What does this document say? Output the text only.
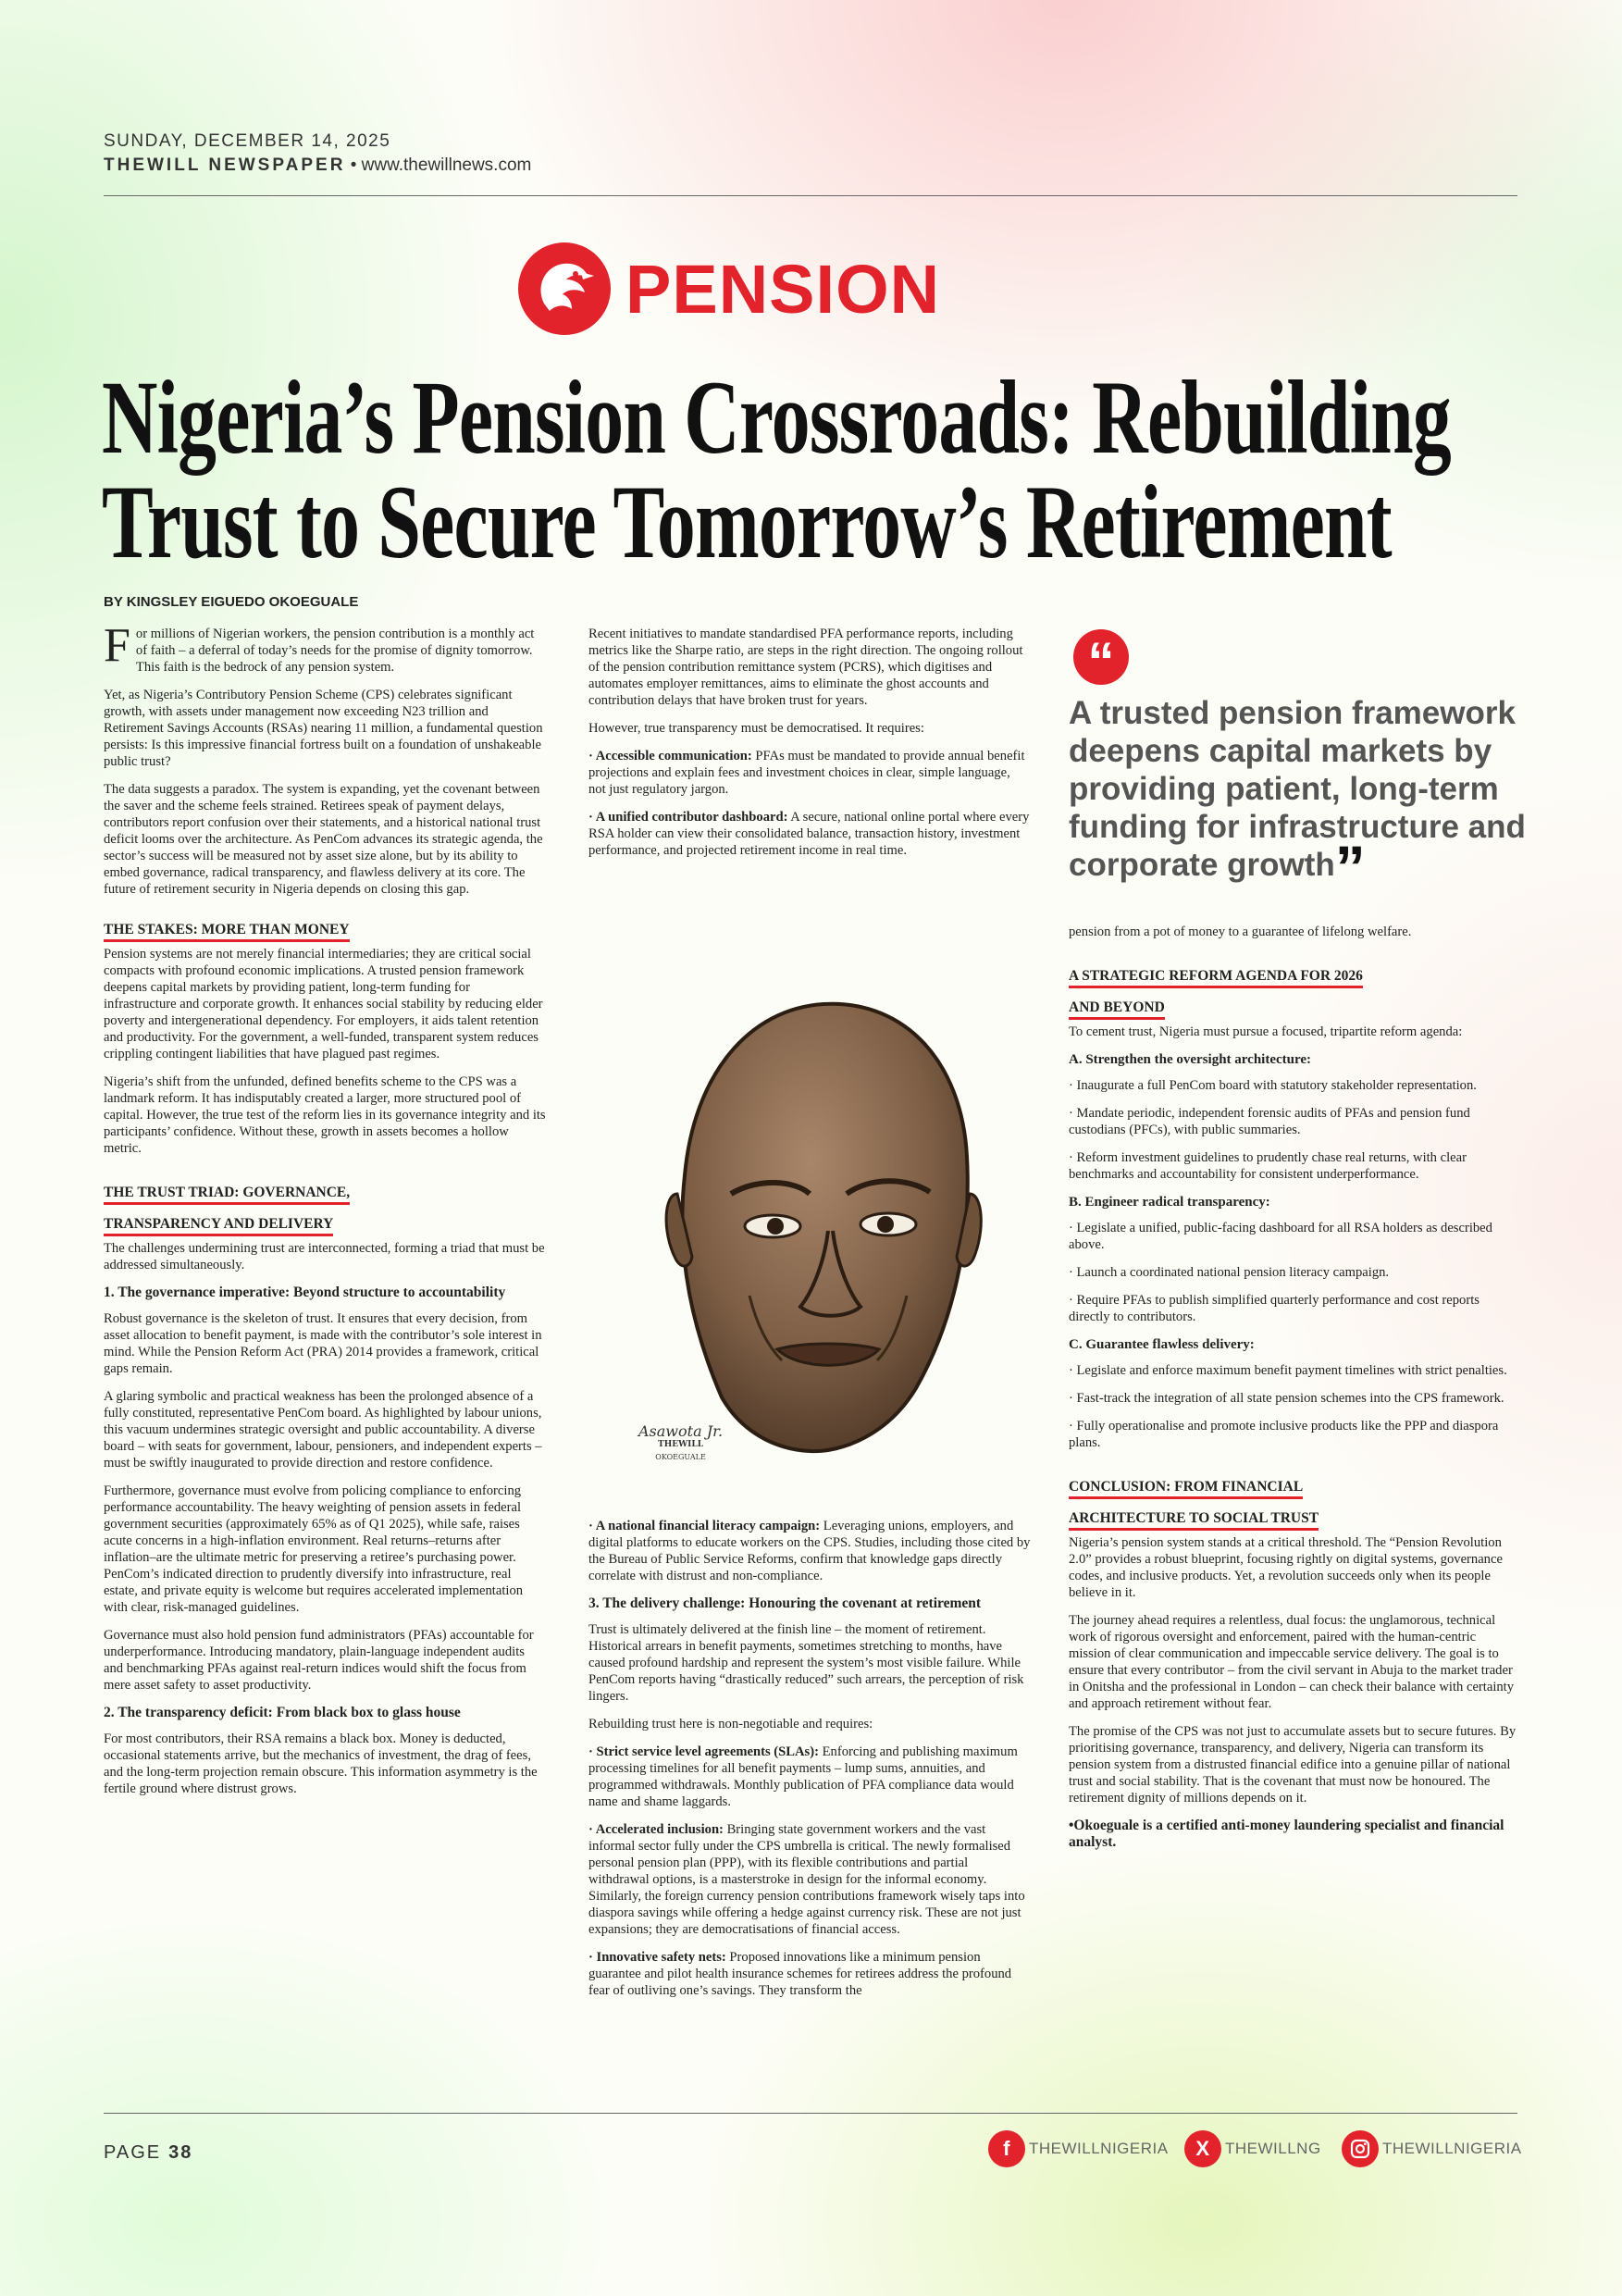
SUNDAY, DECEMBER 14, 2025
THEWILL NEWSPAPER • www.thewillnews.com
PENSION
Nigeria’s Pension Crossroads: Rebuilding
Trust to Secure Tomorrow’s Retirement
BY KINGSLEY EIGUEDO OKOEGUALE

For millions of Nigerian workers, the pension contribution is a monthly act of faith – a deferral of today’s needs for the promise of dignity tomorrow. This faith is the bedrock of any pension system.

Yet, as Nigeria’s Contributory Pension Scheme (CPS) celebrates significant growth, with assets under management now exceeding N23 trillion and Retirement Savings Accounts (RSAs) nearing 11 million, a fundamental question persists: Is this impressive financial fortress built on a foundation of unshakeable public trust?

The data suggests a paradox. The system is expanding, yet the covenant between the saver and the scheme feels strained. Retirees speak of payment delays, contributors report confusion over their statements, and a historical national trust deficit looms over the architecture. As PenCom advances its strategic agenda, the sector’s success will be measured not by asset size alone, but by its ability to embed governance, radical transparency, and flawless delivery at its core. The future of retirement security in Nigeria depends on closing this gap.

THE STAKES: MORE THAN MONEY

Pension systems are not merely financial intermediaries; they are critical social compacts with profound economic implications. A trusted pension framework deepens capital markets by providing patient, long-term funding for infrastructure and corporate growth. It enhances social stability by reducing elder poverty and intergenerational dependency. For employers, it aids talent retention and productivity. For the government, a well-funded, transparent system reduces crippling contingent liabilities that have plagued past regimes.

Nigeria’s shift from the unfunded, defined benefits scheme to the CPS was a landmark reform. It has indisputably created a larger, more structured pool of capital. However, the true test of the reform lies in its governance integrity and its participants’ confidence. Without these, growth in assets becomes a hollow metric.

THE TRUST TRIAD: GOVERNANCE,
TRANSPARENCY AND DELIVERY

The challenges undermining trust are interconnected, forming a triad that must be addressed simultaneously.

1. The governance imperative: Beyond structure to accountability

Robust governance is the skeleton of trust. It ensures that every decision, from asset allocation to benefit payment, is made with the contributor’s sole interest in mind. While the Pension Reform Act (PRA) 2014 provides a framework, critical gaps remain.

A glaring symbolic and practical weakness has been the prolonged absence of a fully constituted, representative PenCom board. As highlighted by labour unions, this vacuum undermines strategic oversight and public accountability. A diverse board – with seats for government, labour, pensioners, and independent experts – must be swiftly inaugurated to provide direction and restore confidence.

Furthermore, governance must evolve from policing compliance to enforcing performance accountability. The heavy weighting of pension assets in federal government securities (approximately 65% as of Q1 2025), while safe, raises acute concerns in a high-inflation environment. Real returns–returns after inflation–are the ultimate metric for preserving a retiree’s purchasing power. PenCom’s indicated direction to prudently diversify into infrastructure, real estate, and private equity is welcome but requires accelerated implementation with clear, risk-managed guidelines.

Governance must also hold pension fund administrators (PFAs) accountable for underperformance. Introducing mandatory, plain-language independent audits and benchmarking PFAs against real-return indices would shift the focus from mere asset safety to asset productivity.

2. The transparency deficit: From black box to glass house

For most contributors, their RSA remains a black box. Money is deducted, occasional statements arrive, but the mechanics of investment, the drag of fees, and the long-term projection remain obscure. This information asymmetry is the fertile ground where distrust grows.

Recent initiatives to mandate standardised PFA performance reports, including metrics like the Sharpe ratio, are steps in the right direction. The ongoing rollout of the pension contribution remittance system (PCRS), which digitises and automates employer remittances, aims to eliminate the ghost accounts and contribution delays that have broken trust for years.

However, true transparency must be democratised. It requires:

· Accessible communication: PFAs must be mandated to provide annual benefit projections and explain fees and investment choices in clear, simple language, not just regulatory jargon.

· A unified contributor dashboard: A secure, national online portal where every RSA holder can view their consolidated balance, transaction history, investment performance, and projected retirement income in real time.

Asawota Jr.
THEWILL
OKOEGUALE

· A national financial literacy campaign: Leveraging unions, employers, and digital platforms to educate workers on the CPS. Studies, including those cited by the Bureau of Public Service Reforms, confirm that knowledge gaps directly correlate with distrust and non-compliance.

3. The delivery challenge: Honouring the covenant at retirement

Trust is ultimately delivered at the finish line – the moment of retirement. Historical arrears in benefit payments, sometimes stretching to months, have caused profound hardship and represent the system’s most visible failure. While PenCom reports having “drastically reduced” such arrears, the perception of risk lingers.

Rebuilding trust here is non-negotiable and requires:

· Strict service level agreements (SLAs): Enforcing and publishing maximum processing timelines for all benefit payments – lump sums, annuities, and programmed withdrawals. Monthly publication of PFA compliance data would name and shame laggards.

· Accelerated inclusion: Bringing state government workers and the vast informal sector fully under the CPS umbrella is critical. The newly formalised personal pension plan (PPP), with its flexible contributions and partial withdrawal options, is a masterstroke in design for the informal economy. Similarly, the foreign currency pension contributions framework wisely taps into diaspora savings while offering a hedge against currency risk. These are not just expansions; they are democratisations of financial access.

· Innovative safety nets: Proposed innovations like a minimum pension guarantee and pilot health insurance schemes for retirees address the profound fear of outliving one’s savings. They transform the

“
A trusted pension framework deepens capital markets by providing patient, long-term funding for infrastructure and corporate growth”

pension from a pot of money to a guarantee of lifelong welfare.

A STRATEGIC REFORM AGENDA FOR 2026
AND BEYOND

To cement trust, Nigeria must pursue a focused, tripartite reform agenda:

A. Strengthen the oversight architecture:

· Inaugurate a full PenCom board with statutory stakeholder representation.

· Mandate periodic, independent forensic audits of PFAs and pension fund custodians (PFCs), with public summaries.

· Reform investment guidelines to prudently chase real returns, with clear benchmarks and accountability for consistent underperformance.

B. Engineer radical transparency:

· Legislate a unified, public-facing dashboard for all RSA holders as described above.

· Launch a coordinated national pension literacy campaign.

· Require PFAs to publish simplified quarterly performance and cost reports directly to contributors.

C. Guarantee flawless delivery:

· Legislate and enforce maximum benefit payment timelines with strict penalties.

· Fast-track the integration of all state pension schemes into the CPS framework.

· Fully operationalise and promote inclusive products like the PPP and diaspora plans.

CONCLUSION: FROM FINANCIAL
ARCHITECTURE TO SOCIAL TRUST

Nigeria’s pension system stands at a critical threshold. The “Pension Revolution 2.0” provides a robust blueprint, focusing rightly on digital systems, governance codes, and inclusive products. Yet, a revolution succeeds only when its people believe in it.

The journey ahead requires a relentless, dual focus: the unglamorous, technical work of rigorous oversight and enforcement, paired with the human-centric mission of clear communication and impeccable service delivery. The goal is to ensure that every contributor – from the civil servant in Abuja to the market trader in Onitsha and the professional in London – can check their balance with certainty and approach retirement without fear.

The promise of the CPS was not just to accumulate assets but to secure futures. By prioritising governance, transparency, and delivery, Nigeria can transform its pension system from a distrusted financial edifice into a genuine pillar of national trust and social stability. That is the covenant that must now be honoured. The retirement dignity of millions depends on it.

•Okoeguale is a certified anti-money laundering specialist and financial analyst.

PAGE 38	f	THEWILLNIGERIA	X THEWILLNG	THEWILLNIGERIA
